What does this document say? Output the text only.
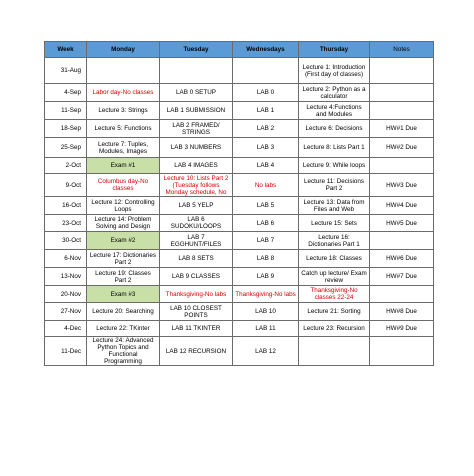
Week	Monday	Tuesday	Wednesdays	Thursday	Notes
31-Aug				Lecture 1: Introduction (First day of classes)	
4-Sep	Labor day-No classes	LAB 0 SETUP	LAB 0	Lecture 2: Python as a calculator	
11-Sep	Lecture 3: Strings	LAB 1 SUBMISSION	LAB 1	Lecture 4:Functions and Modules	
18-Sep	Lecture 5: Functions	LAB 2 FRAMED/ STRINGS	LAB 2	Lecture 6: Decisions	HW#1 Due
25-Sep	Lecture 7: Tuples, Modules, Images	LAB 3 NUMBERS	LAB 3	Lecture 8: Lists Part 1	HW#2 Due
2-Oct	Exam #1	LAB 4 IMAGES	LAB 4	Lecture 9: While loops	
9-Oct	Columbus day-No classes	Lecture 10: Lists Part 2 (Tuesday follows Monday schedule, No	No labs	Lecture 11: Decisions Part 2	HW#3 Due
16-Oct	Lecture 12: Controlling Loops	LAB 5 YELP	LAB 5	Lecture 13: Data from Files and Web	HW#4 Due
23-Oct	Lecture 14: Problem Solving and Design	LAB 6 SUDOKU/LOOPS	LAB 6	Lecture 15: Sets	HW#5 Due
30-Oct	Exam #2	LAB 7 EGGHUNT/FILES	LAB 7	Lecture 16: Dictionaries Part 1	
6-Nov	Lecture 17: Dictionaries Part 2	LAB 8 SETS	LAB 8	Lecture 18: Classes	HW#6 Due
13-Nov	Lecture 19: Classes Part 2	LAB 9 CLASSES	LAB 9	Catch up lecture/ Exam review	HW#7 Due
20-Nov	Exam #3	Thanksgiving-No labs	Thanksgiving-No labs	Thanksgiving-No classes 22-24	
27-Nov	Lecture 20: Searching	LAB 10 CLOSEST POINTS	LAB 10	Lecture 21: Sorting	HW#8 Due
4-Dec	Lecture 22: TKinter	LAB 11 TKINTER	LAB 11	Lecture 23: Recursion	HW#9 Due
11-Dec	Lecture 24: Advanced Python Topics and Functional Programming	LAB 12 RECURSION	LAB 12		
